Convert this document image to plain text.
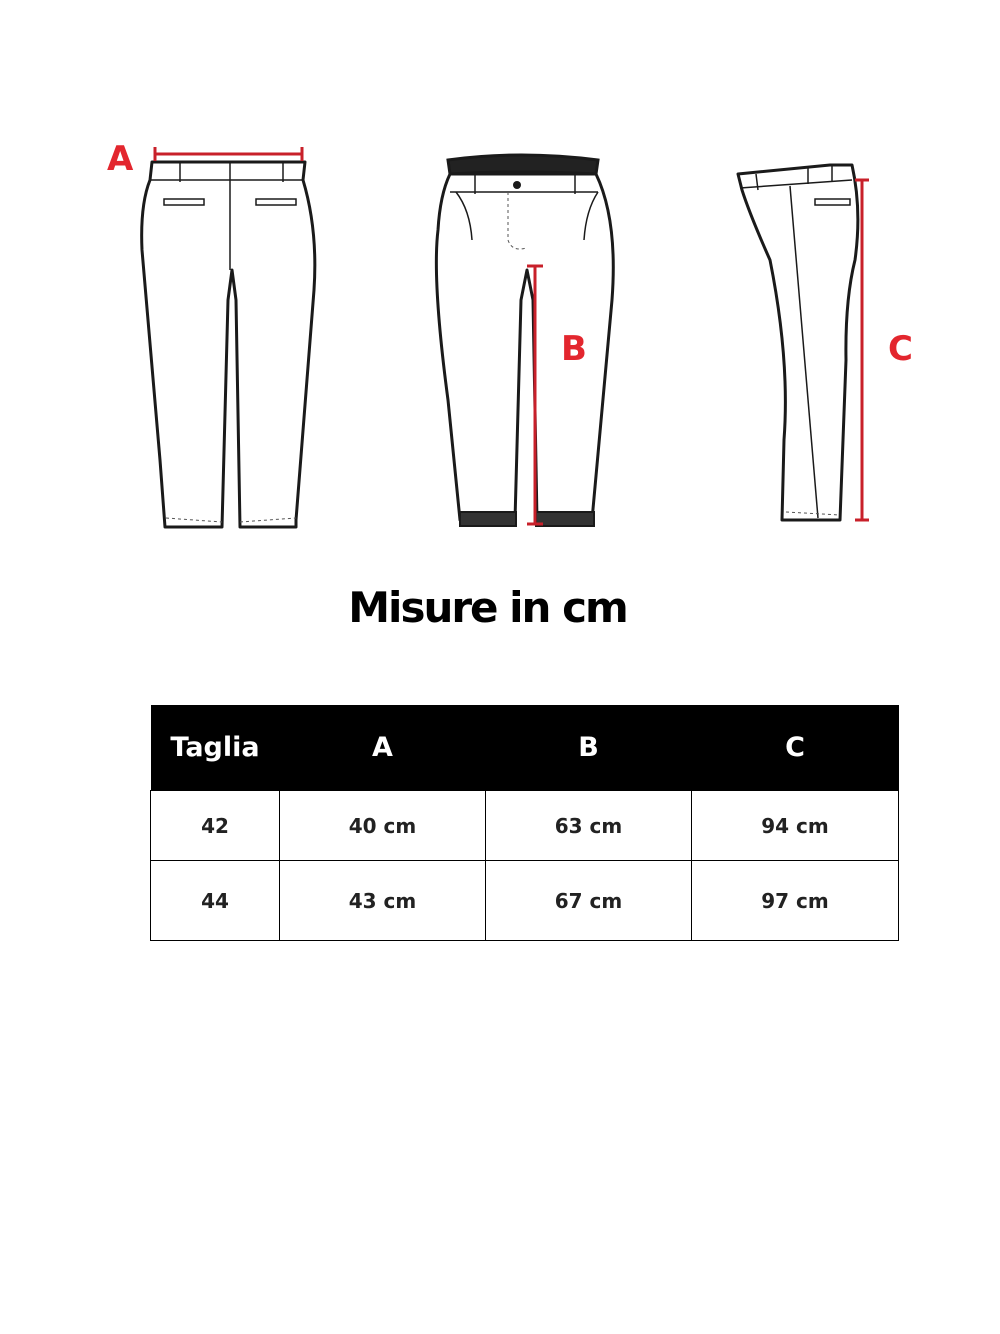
B	C
A
Misure in cm
Taglia	A	B	C
42	40 cm	63 cm	94 cm
44	43 cm	67 cm	97 cm
